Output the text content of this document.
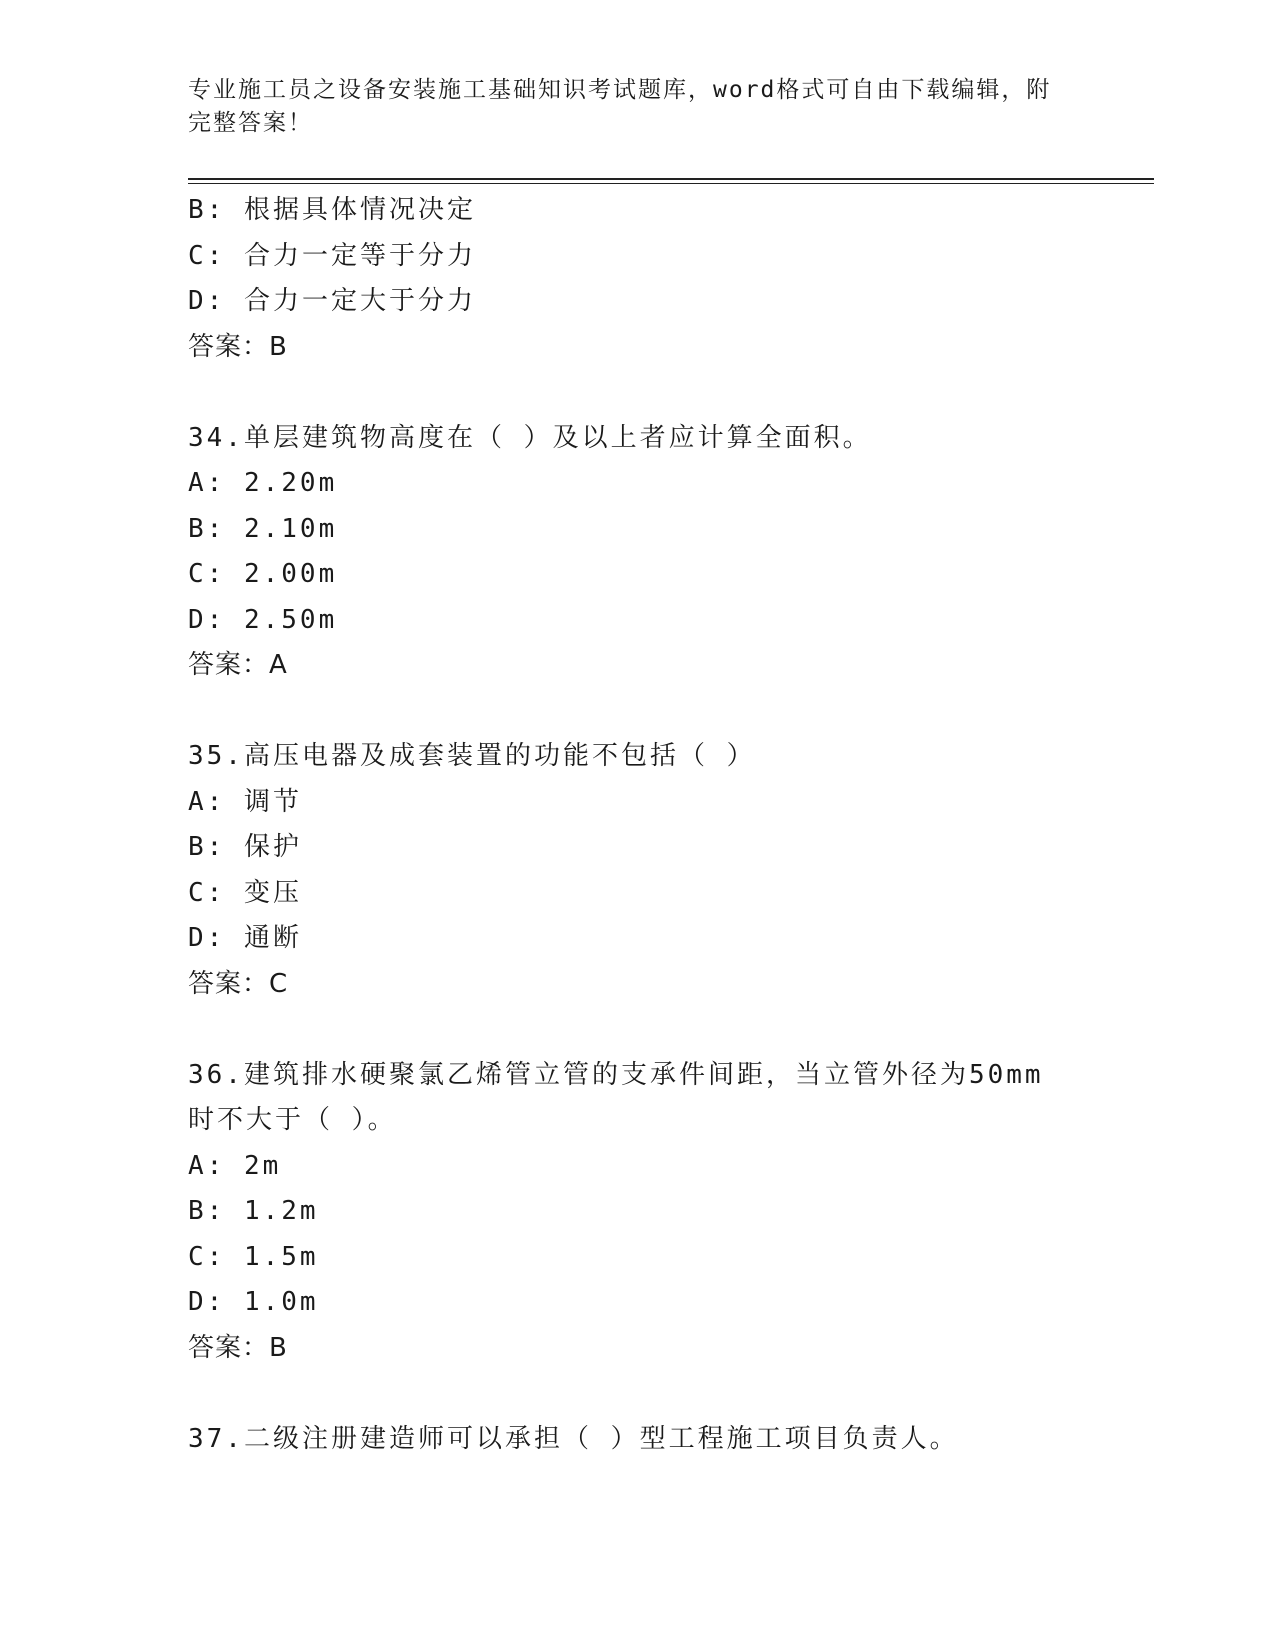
专业施工员之设备安装施工基础知识考试题库，word格式可自由下载编辑，附完整答案！
B: 根据具体情况决定
C: 合力一定等于分力
D: 合力一定大于分力
答案：B
34.单层建筑物高度在（ ）及以上者应计算全面积。
A: 2.20m
B: 2.10m
C: 2.00m
D: 2.50m
答案：A
35.高压电器及成套装置的功能不包括（ ）
A: 调节
B: 保护
C: 变压
D: 通断
答案：C
36.建筑排水硬聚氯乙烯管立管的支承件间距，当立管外径为50mm时不大于（ ）。
A: 2m
B: 1.2m
C: 1.5m
D: 1.0m
答案：B
37.二级注册建造师可以承担（ ）型工程施工项目负责人。
